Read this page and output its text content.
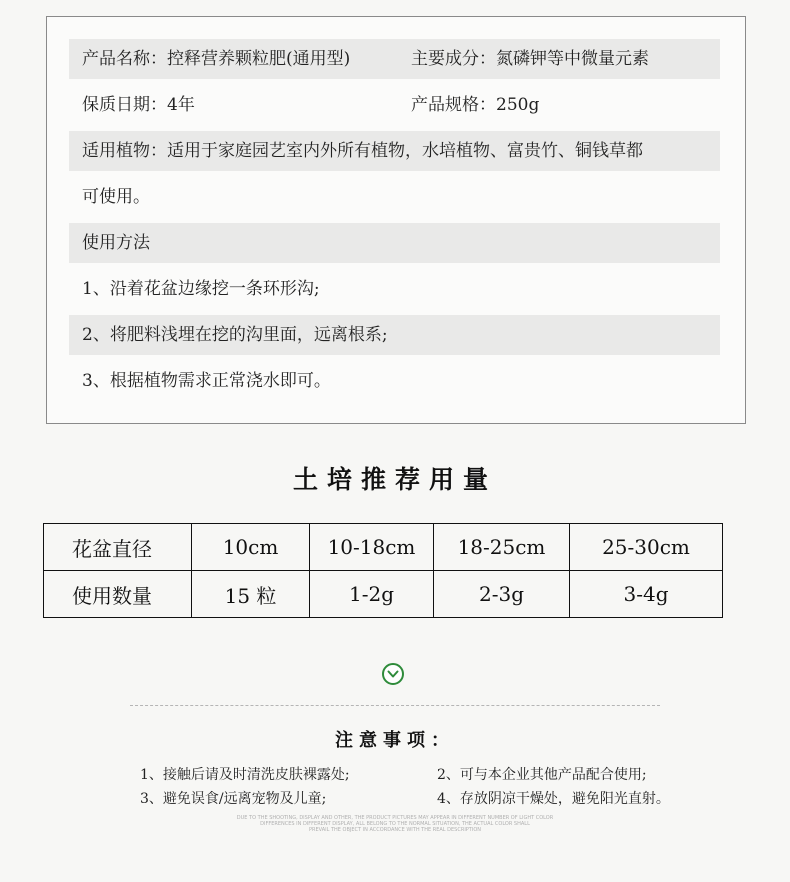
产品名称：控释营养颗粒肥(通用型)	主要成分：氮磷钾等中微量元素
保质日期：4年	产品规格：250g
适用植物：适用于家庭园艺室内外所有植物，水培植物、富贵竹、铜钱草都
可使用。
使用方法
1、沿着花盆边缘挖一条环形沟;
2、将肥料浅埋在挖的沟里面，远离根系;
3、根据植物需求正常浇水即可。
土培推荐用量
花盆直径	10cm	10-18cm	18-25cm	25-30cm
使用数量	15 粒	1-2g	2-3g	3-4g
注意事项：
1、接触后请及时清洗皮肤裸露处;	2、可与本企业其他产品配合使用;
3、避免误食/远离宠物及儿童;	4、存放阴凉干燥处，避免阳光直射。
DUE TO THE SHOOTING, DISPLAY AND OTHER, THE PRODUCT PICTURES MAY APPEAR IN DIFFERENT NUMBER OF LIGHT COLOR
DIFFERENCES IN DIFFERENT DISPLAY, ALL BELONG TO THE NORMAL SITUATION, THE ACTUAL COLOR SHALL
PREVAIL THE OBJECT IN ACCORDANCE WITH THE REAL DESCRIPTION
